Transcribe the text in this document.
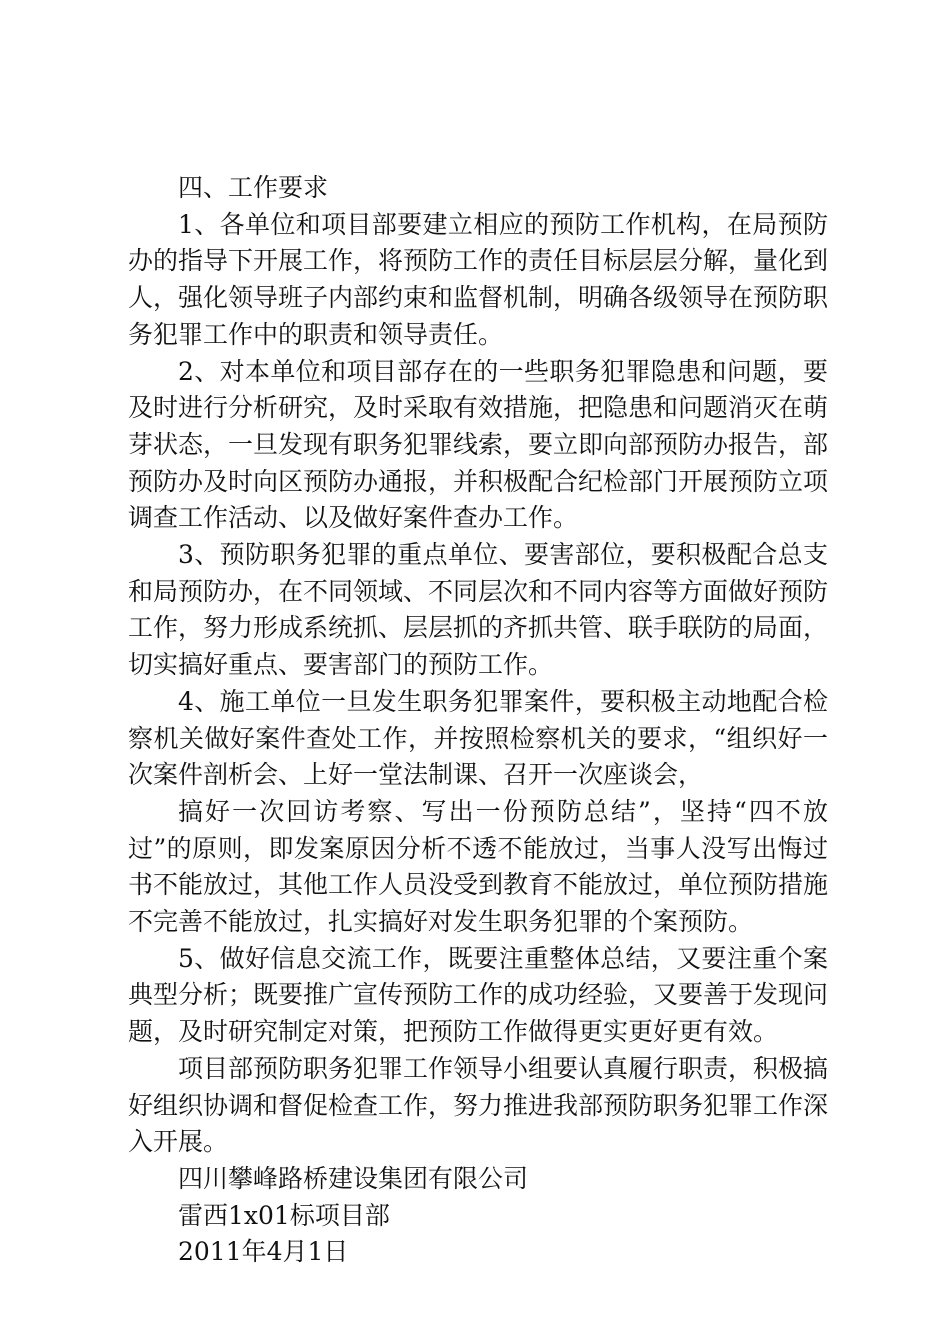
四、工作要求

1、各单位和项目部要建立相应的预防工作机构，在局预防办的指导下开展工作，将预防工作的责任目标层层分解，量化到人，强化领导班子内部约束和监督机制，明确各级领导在预防职务犯罪工作中的职责和领导责任。

2、对本单位和项目部存在的一些职务犯罪隐患和问题，要及时进行分析研究，及时采取有效措施，把隐患和问题消灭在萌芽状态，一旦发现有职务犯罪线索，要立即向部预防办报告，部预防办及时向区预防办通报，并积极配合纪检部门开展预防立项调查工作活动、以及做好案件查办工作。

3、预防职务犯罪的重点单位、要害部位，要积极配合总支和局预防办，在不同领域、不同层次和不同内容等方面做好预防工作，努力形成系统抓、层层抓的齐抓共管、联手联防的局面，切实搞好重点、要害部门的预防工作。

4、施工单位一旦发生职务犯罪案件，要积极主动地配合检察机关做好案件查处工作，并按照检察机关的要求，“组织好一次案件剖析会、上好一堂法制课、召开一次座谈会，

搞好一次回访考察、写出一份预防总结”，坚持“四不放过”的原则，即发案原因分析不透不能放过，当事人没写出悔过书不能放过，其他工作人员没受到教育不能放过，单位预防措施不完善不能放过，扎实搞好对发生职务犯罪的个案预防。

5、做好信息交流工作，既要注重整体总结，又要注重个案典型分析；既要推广宣传预防工作的成功经验，又要善于发现问题，及时研究制定对策，把预防工作做得更实更好更有效。

项目部预防职务犯罪工作领导小组要认真履行职责，积极搞好组织协调和督促检查工作，努力推进我部预防职务犯罪工作深入开展。

四川攀峰路桥建设集团有限公司

雷西1x01标项目部

2011年4月1日
